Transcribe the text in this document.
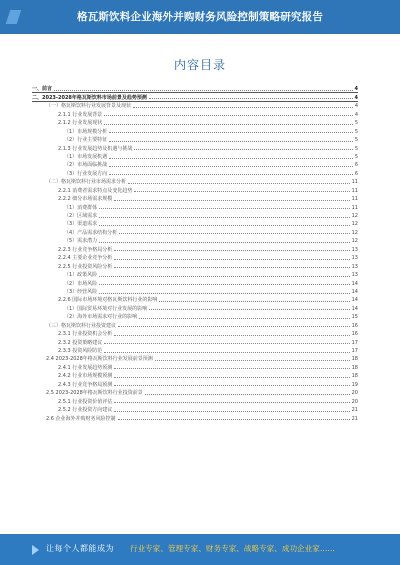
格瓦斯饮料企业海外并购财务风险控制策略研究报告
内容目录
一、前言	4
二、2023-2028年格瓦斯饮料市场前景及趋势预测	4
（一）格瓦斯饮料行业发展背景及现状	4
2.1.1 行业发展背景	4
2.1.2 行业发展现状	5
（1）市场规模分析	5
（2）行业主要特征	5
2.1.3 行业发展趋势及机遇与挑战	5
（1）市场发展机遇	5
（2）市场面临挑战	6
（3）行业发展方向	6
（二）格瓦斯饮料行业市场需求分析	11
2.2.1 消费者需求特点及变化趋势	11
2.2.2 细分市场需求规模	11
（1）消费群体	11
（2）区域需求	12
（3）渠道需求	12
（4）产品需求结构分析	12
（5）需求潜力	12
2.2.3 行业竞争格局分析	13
2.2.4 主要企业竞争分析	13
2.2.5 行业投资风险分析	13
（1）政策风险	13
（2）市场风险	14
（3）经营风险	14
2.2.6 国际市场环境对格瓦斯饮料行业的影响	14
（1）国际贸易环境对行业发展的影响	14
（2）海外市场需求对行业的影响	15
（三）格瓦斯饮料行业投资建议	16
2.3.1 行业投资机会分析	16
2.3.2 投资策略建议	17
2.3.3 投资风险防范	17
2.4 2023-2028年格瓦斯饮料行业发展前景预测	18
2.4.1 行业发展趋势预测	18
2.4.2 行业市场规模预测	18
2.4.3 行业竞争格局预测	19
2.5 2023-2028年格瓦斯饮料行业投资前景	20
2.5.1 行业投资价值评估	20
2.5.2 行业投资方向建议	21
2.6 企业海外并购财务风险控制	21
让每个人都能成为 行业专家、管理专家、财务专家、战略专家、成功企业家……
